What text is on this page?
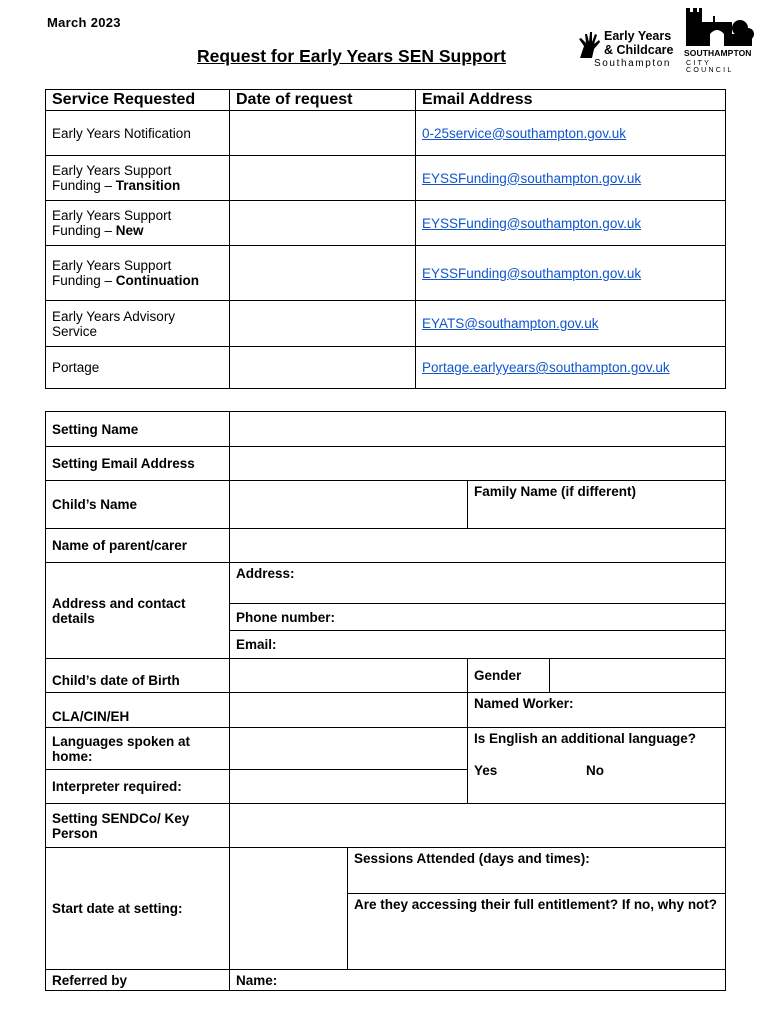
March 2023
Request for Early Years SEN Support
Early Years
& Childcare
Southampton
SOUTHAMPTON
CITY COUNCIL
Service Requested	Date of request	Email Address
Early Years Notification		0-25service@southampton.gov.uk
Early Years Support Funding – Transition		EYSSFunding@southampton.gov.uk
Early Years Support Funding – New		EYSSFunding@southampton.gov.uk
Early Years Support Funding – Continuation		EYSSFunding@southampton.gov.uk
Early Years Advisory Service		EYATS@southampton.gov.uk
Portage		Portage.earlyyears@southampton.gov.uk
Setting Name				
Setting Email Address				
Child’s Name			Family Name (if different)	
Name of parent/carer				
Address and contact details	Address:			
	Phone number:			
	Email:			
Child’s date of Birth			Gender	
CLA/CIN/EH			Named Worker:	
Languages spoken at home:			Is English an additional language?
Yes No	

Interpreter required:				
Setting SENDCo/ Key Person				
Start date at setting:		Sessions Attended (days and times):		
		Are they accessing their full entitlement? If no, why not?		
Referred by	Name:			
